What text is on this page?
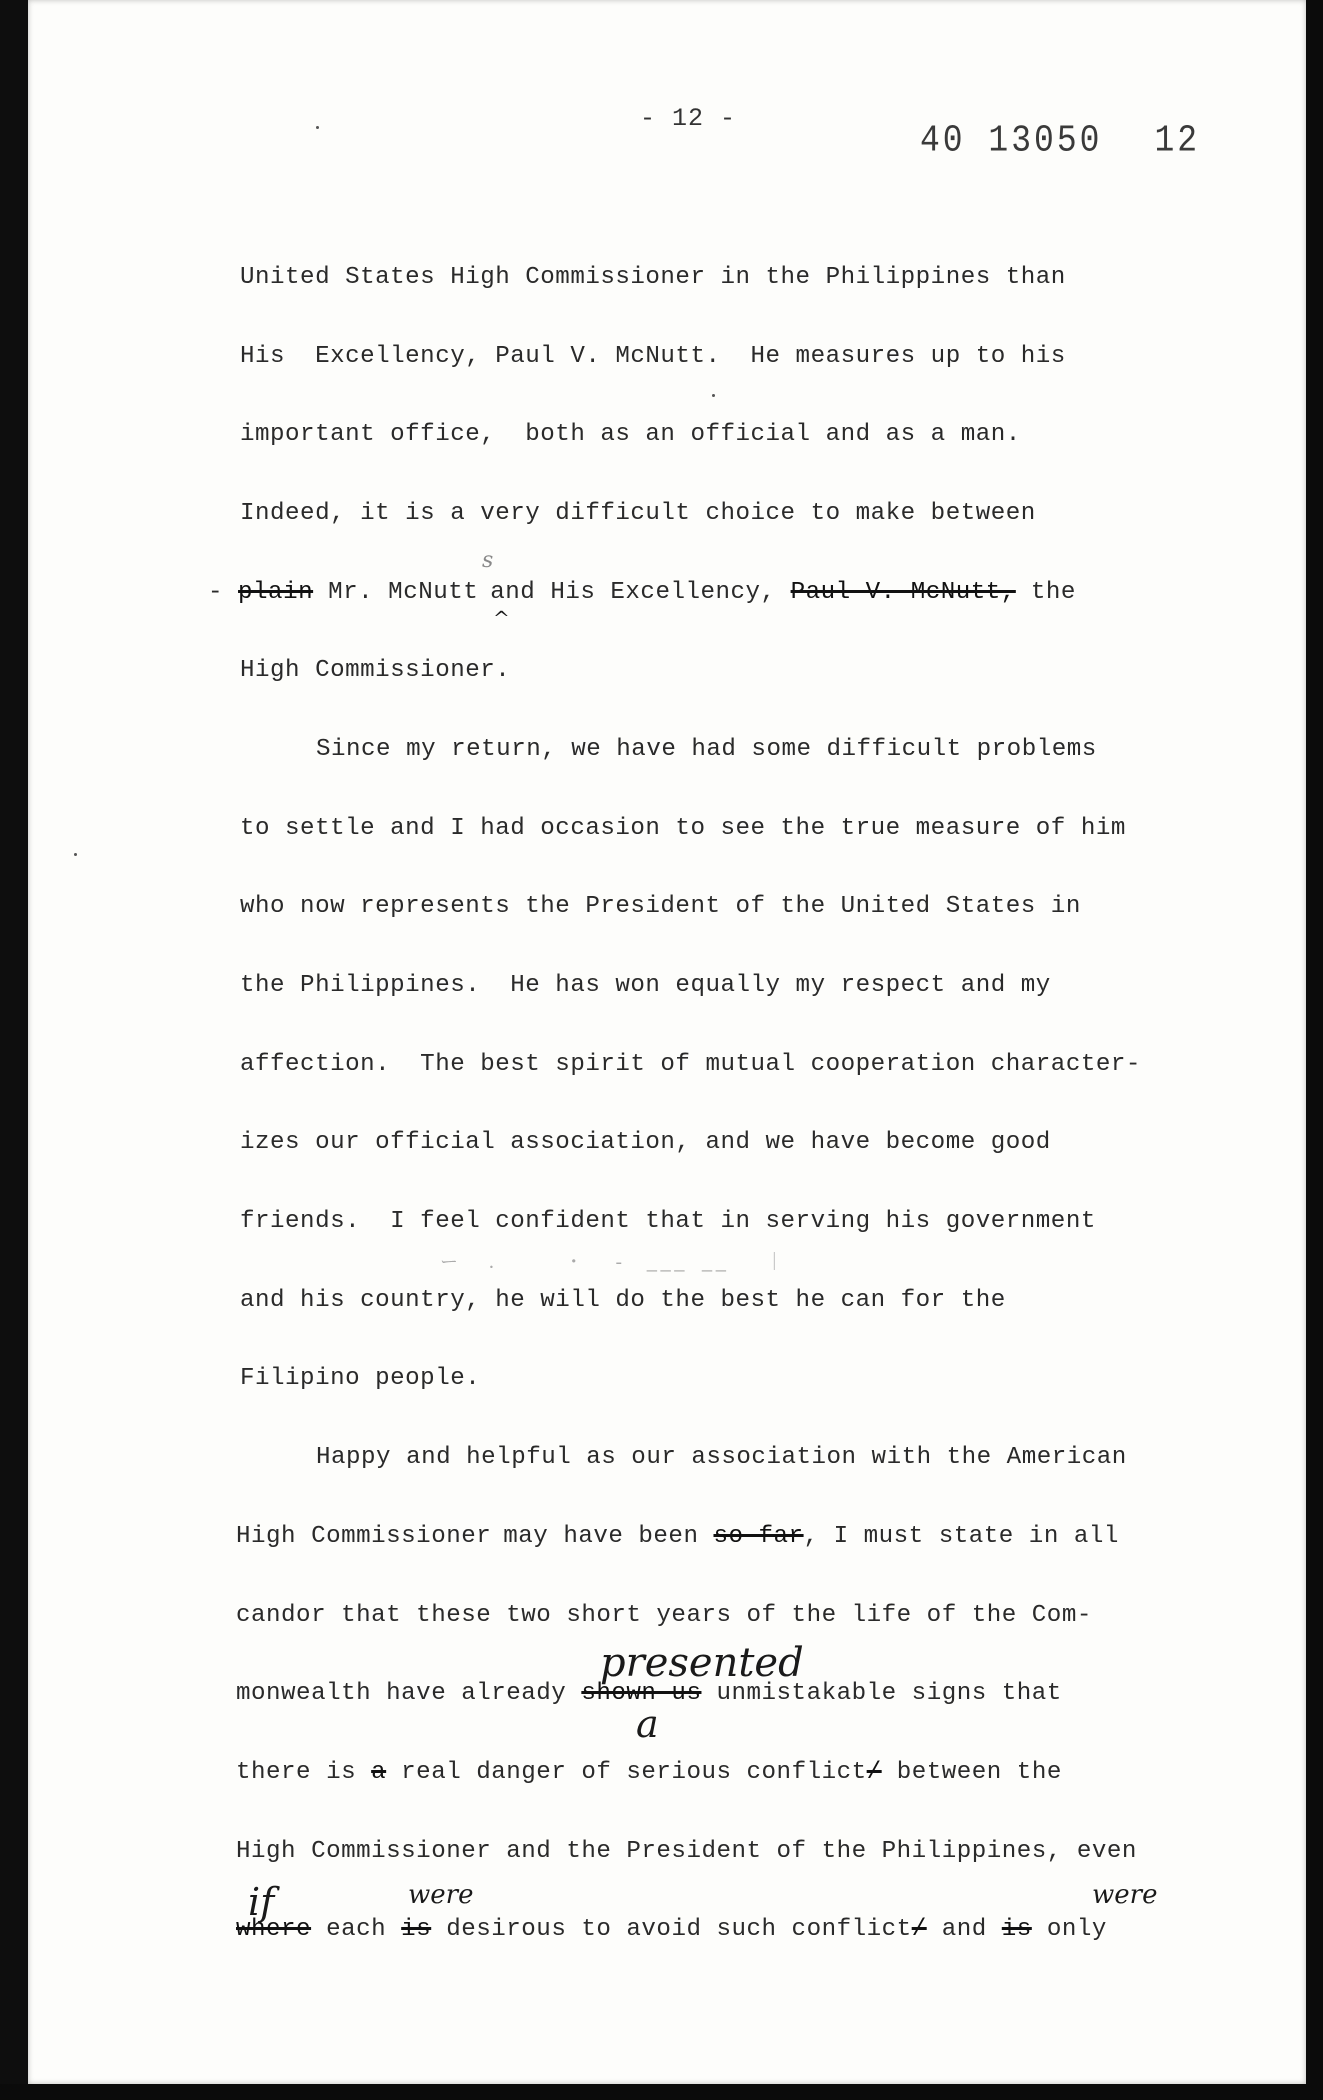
- 12 -
40 13050 12
United States High Commissioner in the Philippines than
His  Excellency, Paul V. McNutt.  He measures up to his
important office,  both as an official and as a man.
Indeed, it is a very difficult choice to make between
- plain Mr. McNutt and His Excellency, Paul V. McNutt, the
s
^
High Commissioner.
Since my return, we have had some difficult problems
to settle and I had occasion to see the true measure of him
who now represents the President of the United States in
the Philippines.  He has won equally my respect and my
affection.  The best spirit of mutual cooperation character-
izes our official association, and we have become good
friends.  I feel confident that in serving his government
ー  ．    ・  ‐  ̲ ̲ ̲  ̲ ̲   ｜
and his country, he will do the best he can for the
Filipino people.
Happy and helpful as our association with the American
High Commissioner may have been so far, I must state in all
candor that these two short years of the life of the Com-
monwealth have already shown us unmistakable signs that
presented
there is a real danger of serious conflict/ between the
a
High Commissioner and the President of the Philippines, even
where each is desirous to avoid such conflict/ and is only
if	were	were
